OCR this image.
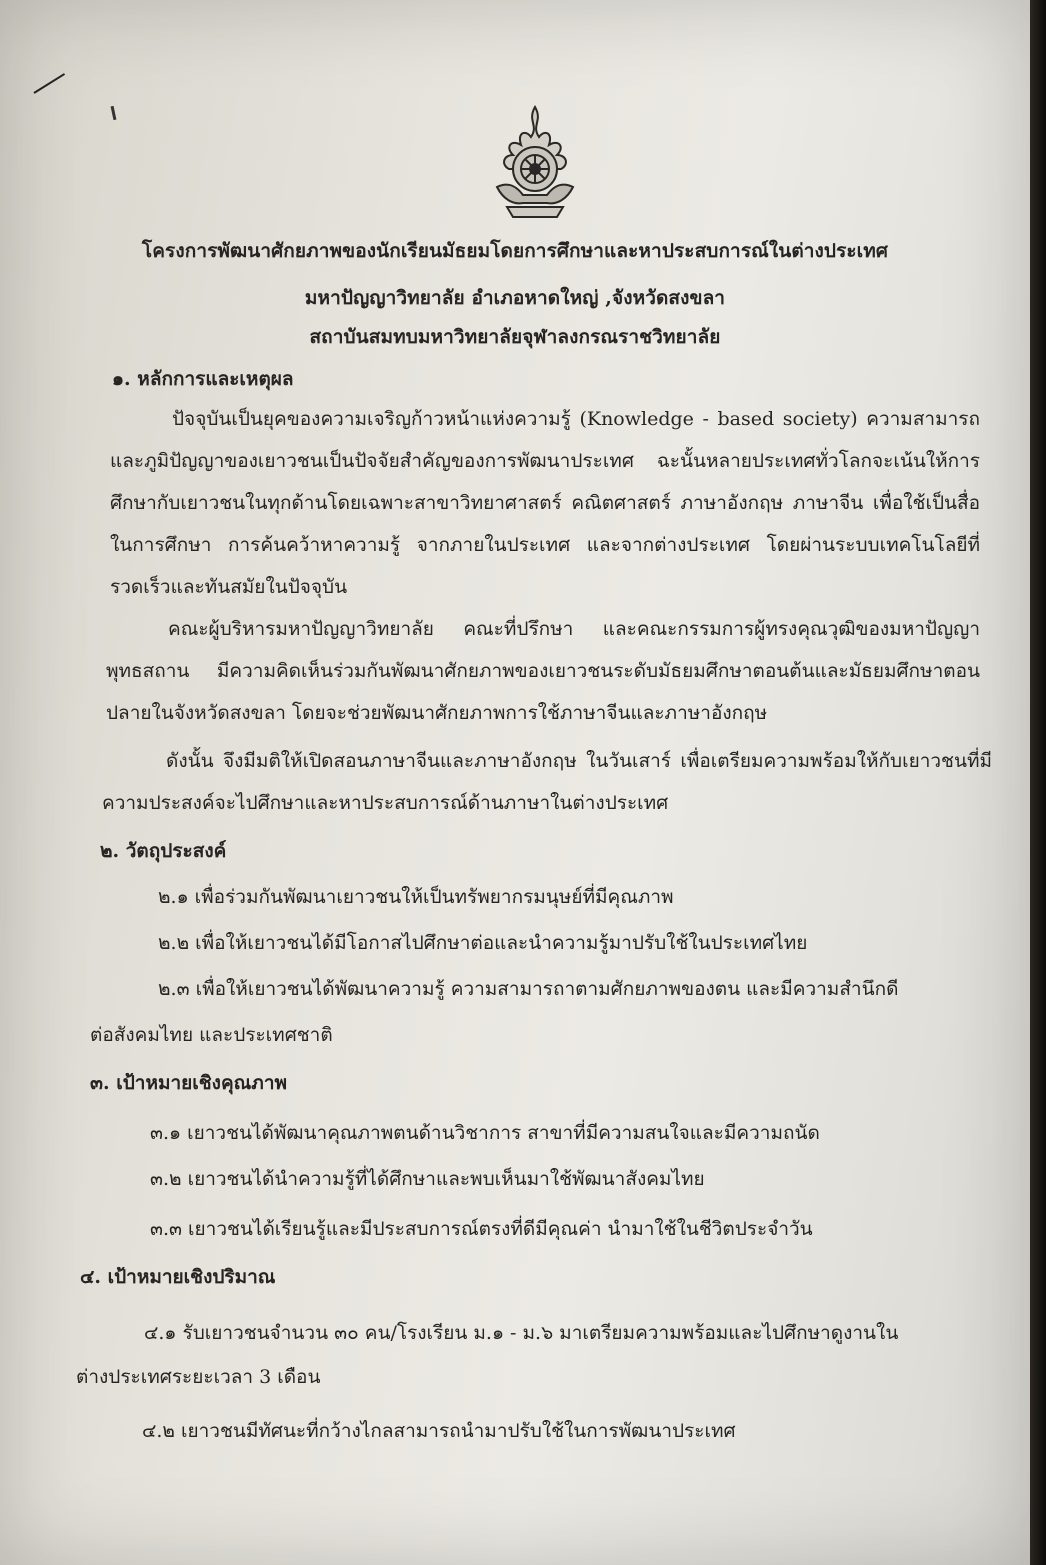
โครงการพัฒนาศักยภาพของนักเรียนมัธยมโดยการศึกษาและหาประสบการณ์ในต่างประเทศ
มหาปัญญาวิทยาลัย อำเภอหาดใหญ่ ,จังหวัดสงขลา
สถาบันสมทบมหาวิทยาลัยจุฬาลงกรณราชวิทยาลัย
๑. หลักการและเหตุผล
ปัจจุบันเป็นยุคของความเจริญก้าวหน้าแห่งความรู้ (Knowledge - based society) ความสามารถและภูมิปัญญาของเยาวชนเป็นปัจจัยสำคัญของการพัฒนาประเทศ ฉะนั้นหลายประเทศทั่วโลกจะเน้นให้การศึกษากับเยาวชนในทุกด้านโดยเฉพาะสาขาวิทยาศาสตร์ คณิตศาสตร์ ภาษาอังกฤษ ภาษาจีน เพื่อใช้เป็นสื่อในการศึกษา การค้นคว้าหาความรู้ จากภายในประเทศ และจากต่างประเทศ โดยผ่านระบบเทคโนโลยีที่รวดเร็วและทันสมัยในปัจจุบัน
คณะผู้บริหารมหาปัญญาวิทยาลัย คณะที่ปรึกษา และคณะกรรมการผู้ทรงคุณวุฒิของมหาปัญญาพุทธสถาน มีความคิดเห็นร่วมกันพัฒนาศักยภาพของเยาวชนระดับมัธยมศึกษาตอนต้นและมัธยมศึกษาตอนปลายในจังหวัดสงขลา โดยจะช่วยพัฒนาศักยภาพการใช้ภาษาจีนและภาษาอังกฤษ
ดังนั้น จึงมีมติให้เปิดสอนภาษาจีนและภาษาอังกฤษ ในวันเสาร์ เพื่อเตรียมความพร้อมให้กับเยาวชนที่มีความประสงค์จะไปศึกษาและหาประสบการณ์ด้านภาษาในต่างประเทศ
๒. วัตถุประสงค์
๒.๑ เพื่อร่วมกันพัฒนาเยาวชนให้เป็นทรัพยากรมนุษย์ที่มีคุณภาพ
๒.๒ เพื่อให้เยาวชนได้มีโอกาสไปศึกษาต่อและนำความรู้มาปรับใช้ในประเทศไทย
๒.๓ เพื่อให้เยาวชนได้พัฒนาความรู้ ความสามารถาตามศักยภาพของตน และมีความสำนึกดี
ต่อสังคมไทย และประเทศชาติ
๓. เป้าหมายเชิงคุณภาพ
๓.๑ เยาวชนได้พัฒนาคุณภาพตนด้านวิชาการ สาขาที่มีความสนใจและมีความถนัด
๓.๒ เยาวชนได้นำความรู้ที่ได้ศึกษาและพบเห็นมาใช้พัฒนาสังคมไทย
๓.๓ เยาวชนได้เรียนรู้และมีประสบการณ์ตรงที่ดีมีคุณค่า นำมาใช้ในชีวิตประจำวัน
๔. เป้าหมายเชิงปริมาณ
๔.๑ รับเยาวชนจำนวน ๓๐ คน/โรงเรียน ม.๑ - ม.๖ มาเตรียมความพร้อมและไปศึกษาดูงานใน
ต่างประเทศระยะเวลา 3 เดือน
๔.๒ เยาวชนมีทัศนะที่กว้างไกลสามารถนำมาปรับใช้ในการพัฒนาประเทศ
